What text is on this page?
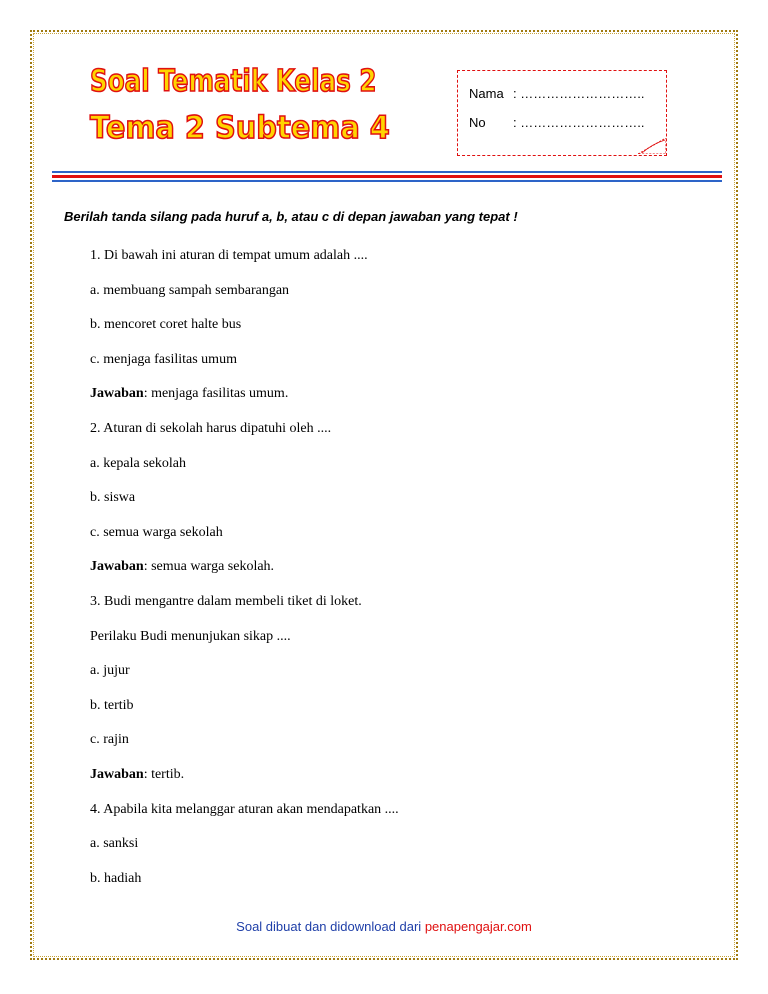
Soal Tematik Kelas 2
Tema 2 Subtema 4
Nama : ………………………..
No : ………………………..
Berilah tanda silang pada huruf a, b, atau c di depan jawaban yang tepat !
1. Di bawah ini aturan di tempat umum adalah ....
a. membuang sampah sembarangan
b. mencoret coret halte bus
c. menjaga fasilitas umum
Jawaban: menjaga fasilitas umum.
2. Aturan di sekolah harus dipatuhi oleh ....
a. kepala sekolah
b. siswa
c. semua warga sekolah
Jawaban: semua warga sekolah.
3. Budi mengantre dalam membeli tiket di loket.
Perilaku Budi menunjukan sikap ....
a. jujur
b. tertib
c. rajin
Jawaban: tertib.
4. Apabila kita melanggar aturan akan mendapatkan ....
a. sanksi
b. hadiah
Soal dibuat dan didownload dari penapengajar.com
